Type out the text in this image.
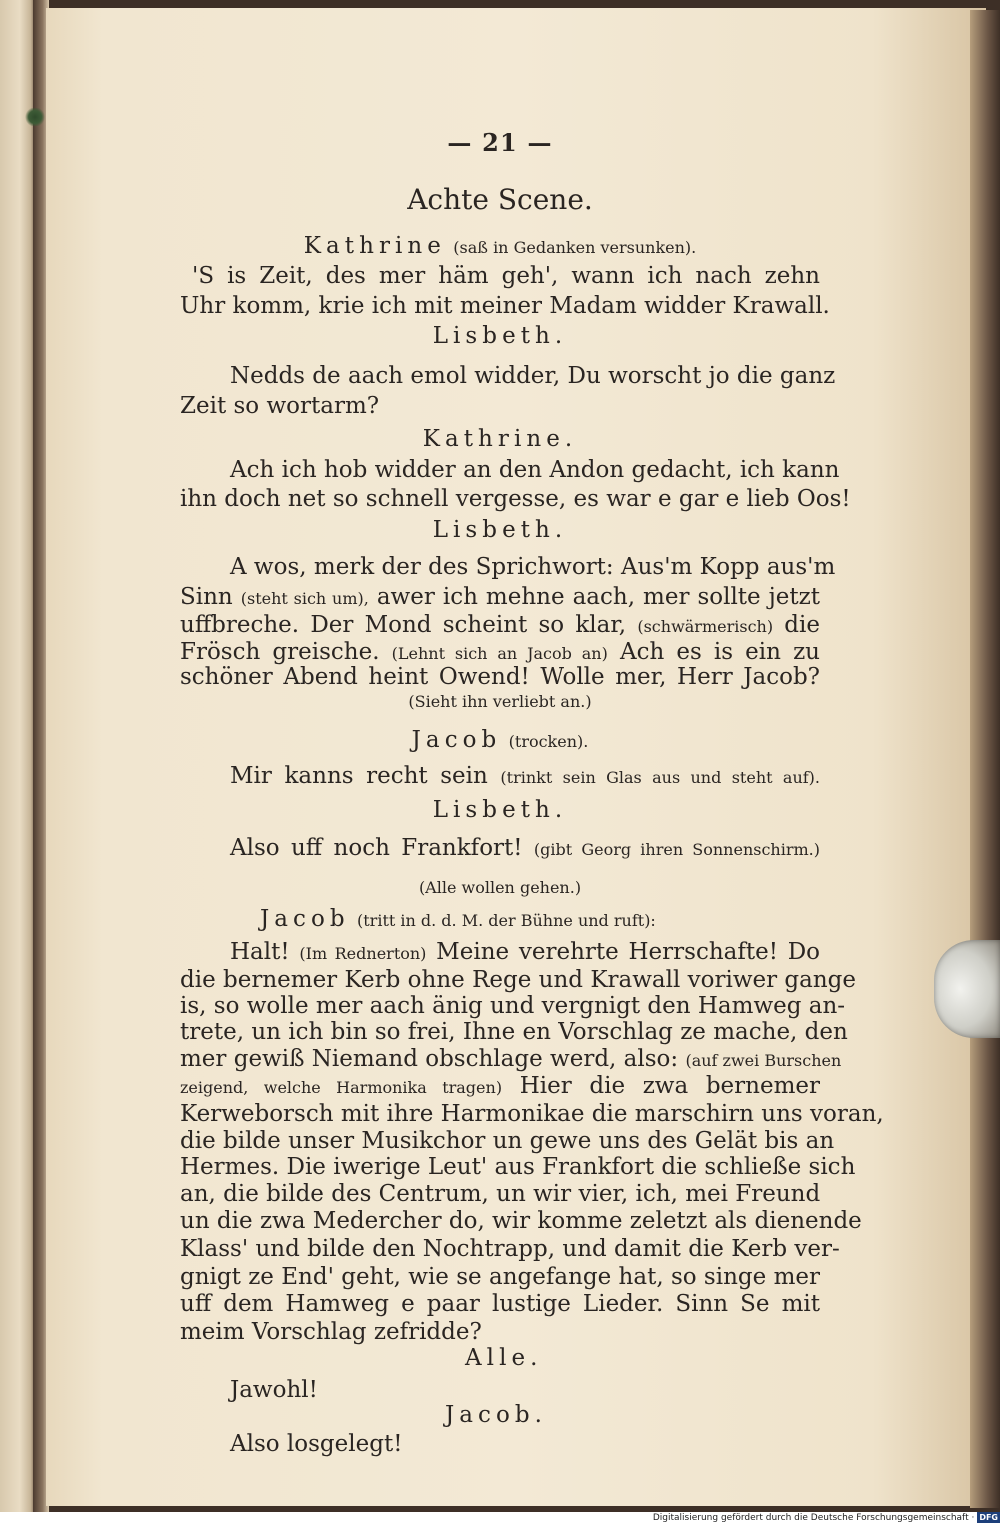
— 21 —
Achte Scene.
Kathrine (saß in Gedanken versunken).
'S is Zeit, des mer häm geh', wann ich nach zehn
Uhr komm, krie ich mit meiner Madam widder Krawall.
Lisbeth.
Nedds de aach emol widder, Du worscht jo die ganz
Zeit so wortarm?
Kathrine.
Ach ich hob widder an den Andon gedacht, ich kann
ihn doch net so schnell vergesse, es war e gar e lieb Oos!
Lisbeth.
A wos, merk der des Sprichwort: Aus'm Kopp aus'm
Sinn (steht sich um), awer ich mehne aach, mer sollte jetzt
uffbreche. Der Mond scheint so klar, (schwärmerisch) die
Frösch greische. (Lehnt sich an Jacob an) Ach es is ein zu
schöner Abend heint Owend! Wolle mer, Herr Jacob?
(Sieht ihn verliebt an.)
Jacob (trocken).
Mir kanns recht sein (trinkt sein Glas aus und steht auf).
Lisbeth.
Also uff noch Frankfort! (gibt Georg ihren Sonnenschirm.)
(Alle wollen gehen.)
Jacob (tritt in d. d. M. der Bühne und ruft):
Halt! (Im Rednerton) Meine verehrte Herrschafte! Do
die bernemer Kerb ohne Rege und Krawall voriwer gange
is, so wolle mer aach änig und vergnigt den Hamweg an-
trete, un ich bin so frei, Ihne en Vorschlag ze mache, den
mer gewiß Niemand obschlage werd, also: (auf zwei Burschen
zeigend, welche Harmonika tragen) Hier die zwa bernemer
Kerweborsch mit ihre Harmonikae die marschirn uns voran,
die bilde unser Musikchor un gewe uns des Gelät bis an
Hermes. Die iwerige Leut' aus Frankfort die schließe sich
an, die bilde des Centrum, un wir vier, ich, mei Freund
un die zwa Medercher do, wir komme zeletzt als dienende
Klass' und bilde den Nochtrapp, und damit die Kerb ver-
gnigt ze End' geht, wie se angefange hat, so singe mer
uff dem Hamweg e paar lustige Lieder. Sinn Se mit
meim Vorschlag zefridde?
Alle.
Jawohl!
Jacob.
Also losgelegt!
Digitalisierung gefördert durch die Deutsche Forschungsgemeinschaft · DFG
